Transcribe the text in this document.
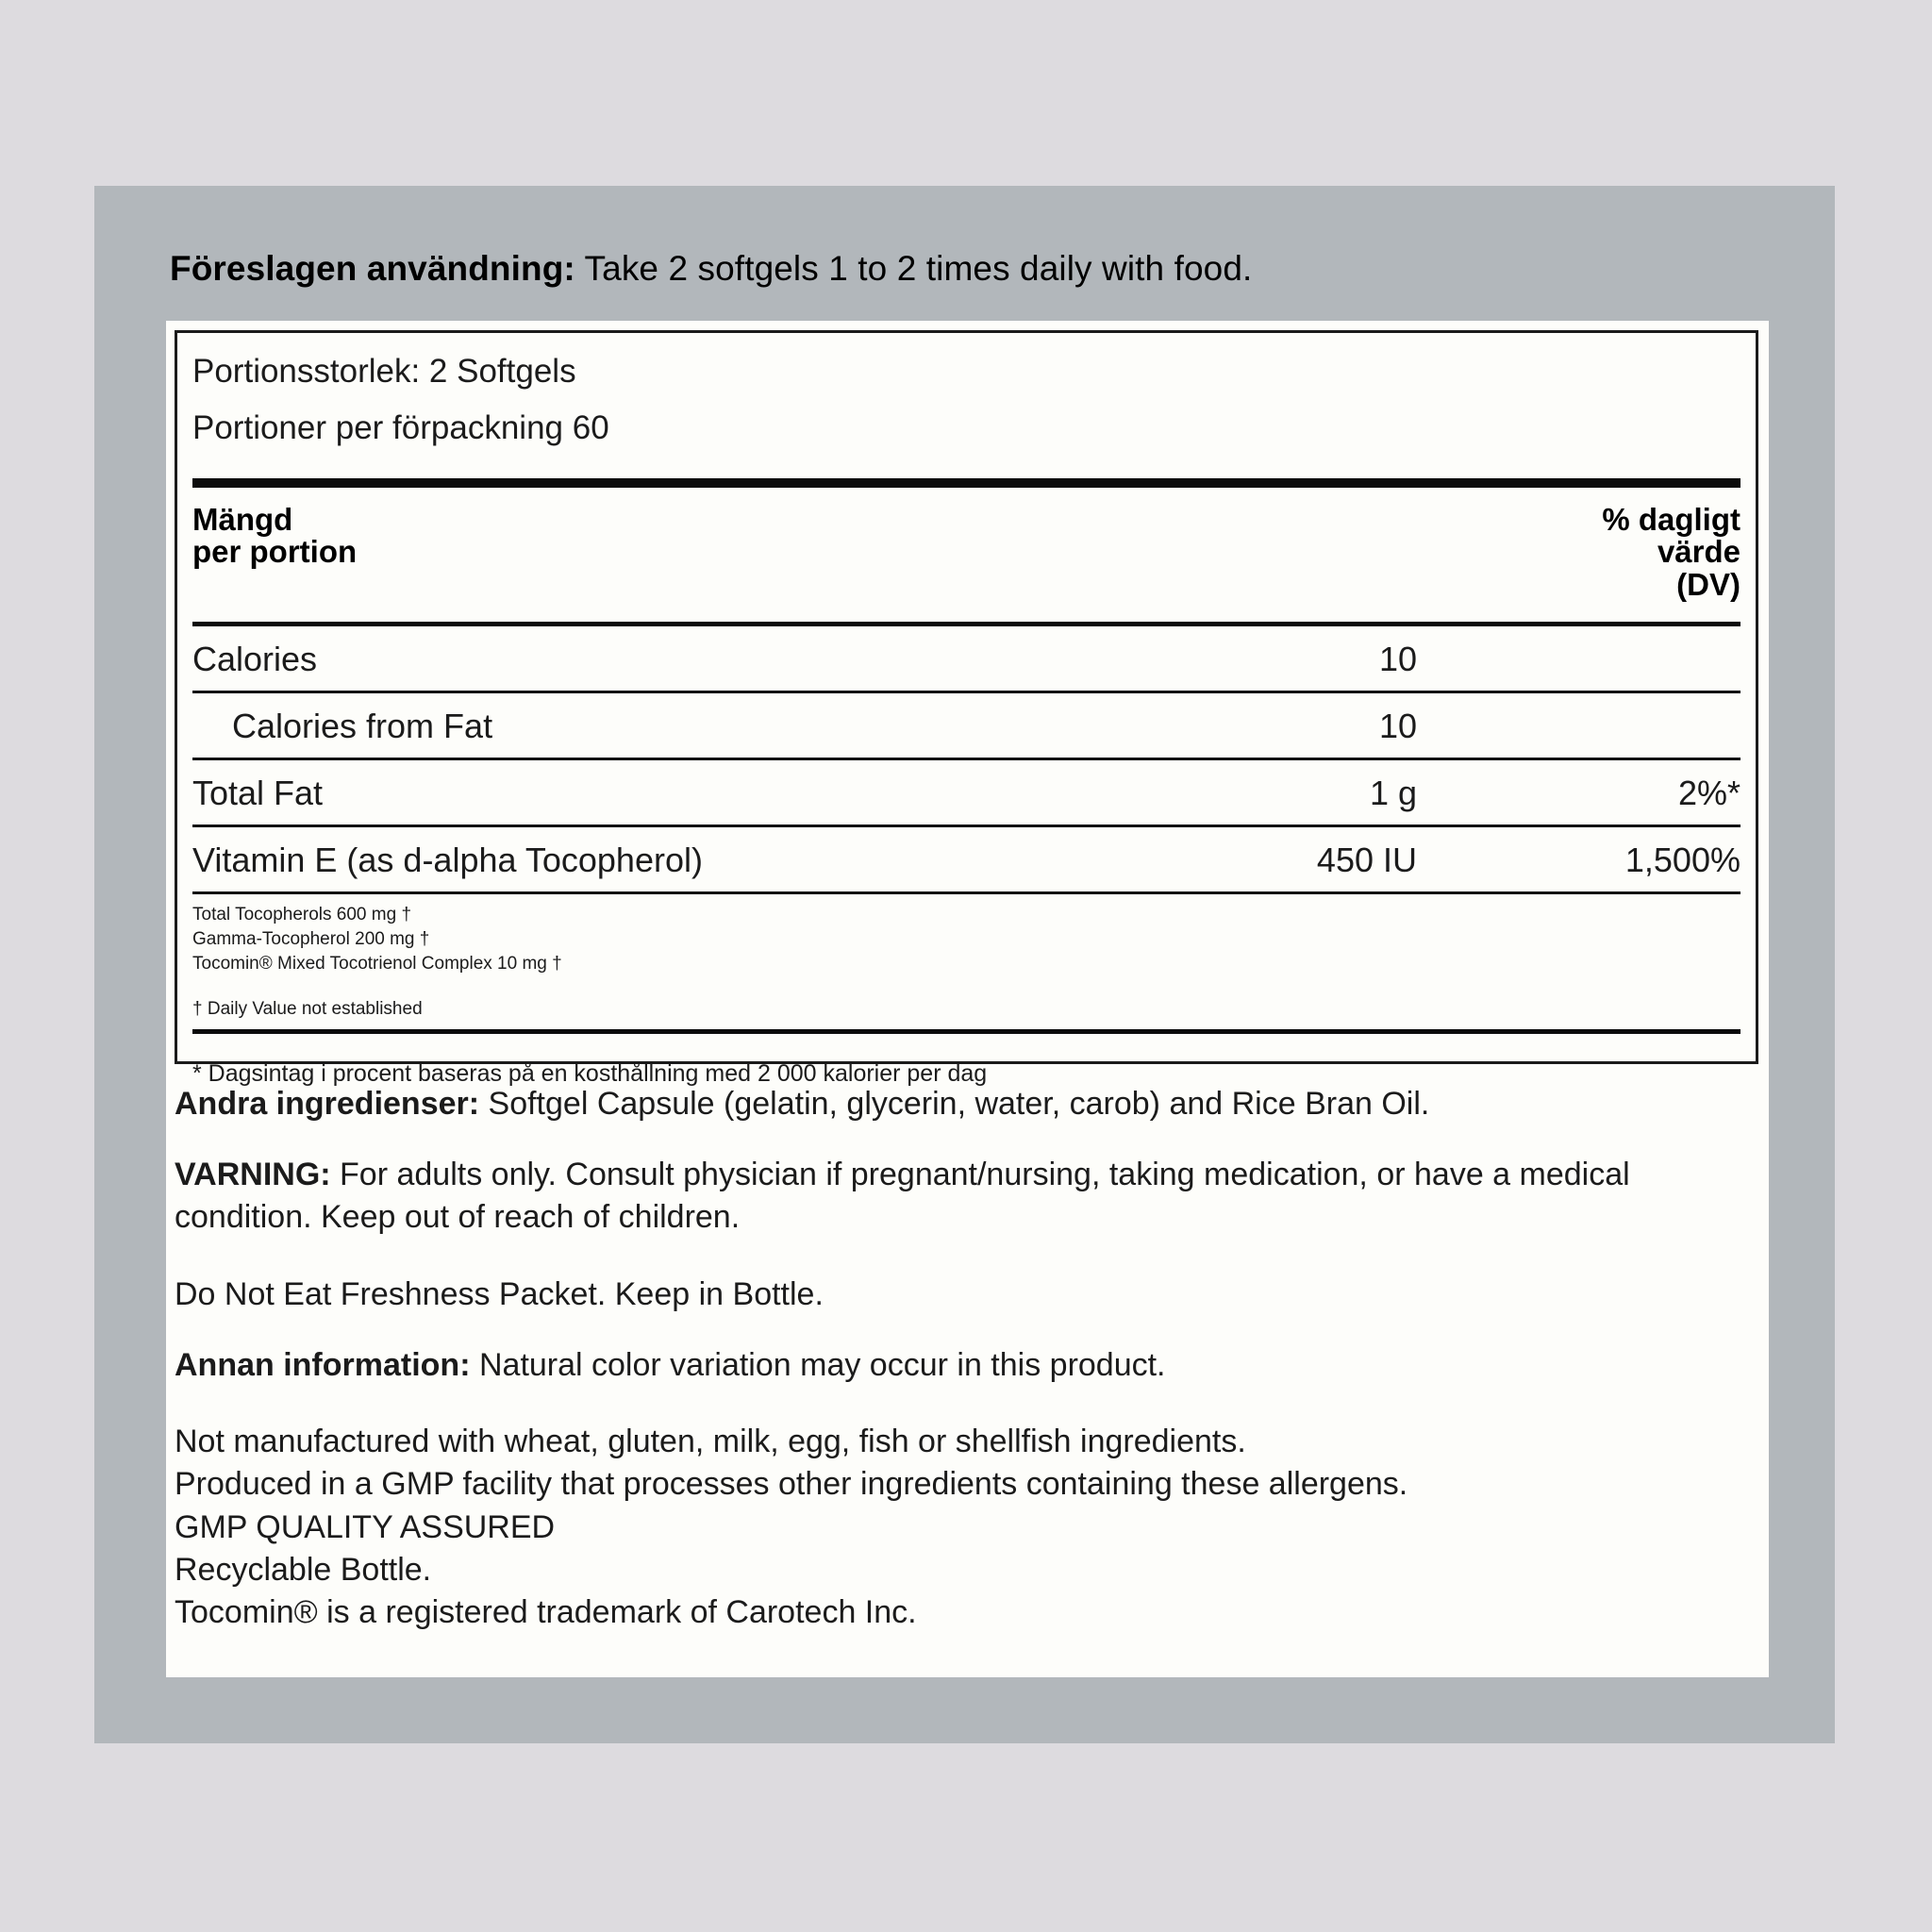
Föreslagen användning: Take 2 softgels 1 to 2 times daily with food.
Portionsstorlek: 2 Softgels
Portioner per förpackning 60
Mängd
per portion
% dagligt
värde
(DV)
Calories	10
Calories from Fat	10
Total Fat	1 g	2%*
Vitamin E (as d-alpha Tocopherol)	450 IU	1,500%
Total Tocopherols 600 mg †
Gamma-Tocopherol 200 mg †
Tocomin® Mixed Tocotrienol Complex 10 mg †
† Daily Value not established
* Dagsintag i procent baseras på en kosthållning med 2 000 kalorier per dag
Andra ingredienser: Softgel Capsule (gelatin, glycerin, water, carob) and Rice Bran Oil.
VARNING: For adults only. Consult physician if pregnant/nursing, taking medication, or have a medical condition. Keep out of reach of children.
Do Not Eat Freshness Packet. Keep in Bottle.
Annan information: Natural color variation may occur in this product.
Not manufactured with wheat, gluten, milk, egg, fish or shellfish ingredients.
Produced in a GMP facility that processes other ingredients containing these allergens.
GMP QUALITY ASSURED
Recyclable Bottle.
Tocomin® is a registered trademark of Carotech Inc.
